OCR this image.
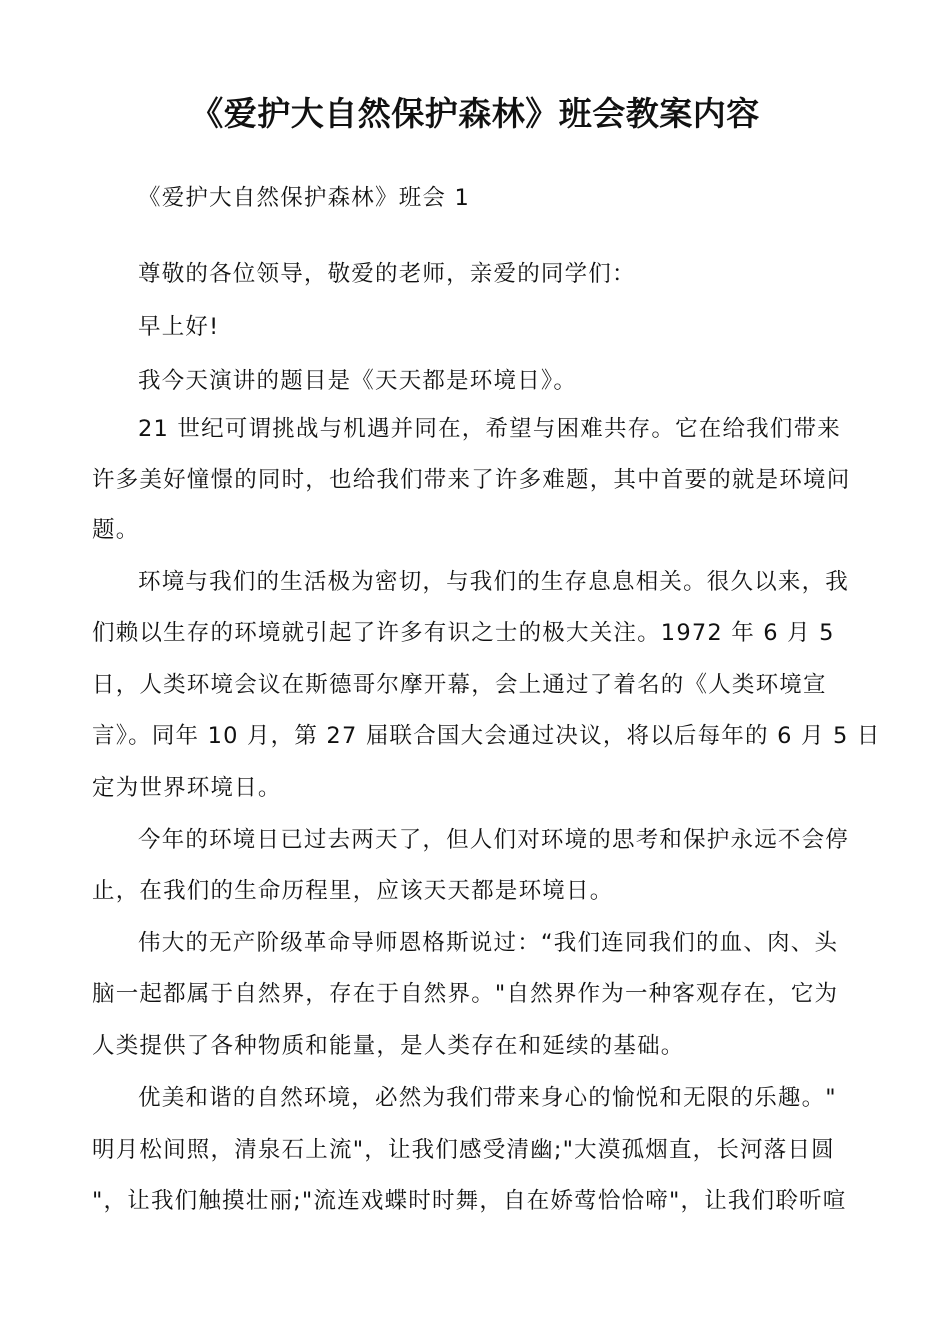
《爱护大自然保护森林》班会教案内容
《爱护大自然保护森林》班会 1
尊敬的各位领导，敬爱的老师，亲爱的同学们：
早上好!
我今天演讲的题目是《天天都是环境日》。
21 世纪可谓挑战与机遇并同在，希望与困难共存。它在给我们带来
许多美好憧憬的同时，也给我们带来了许多难题，其中首要的就是环境问
题。
环境与我们的生活极为密切，与我们的生存息息相关。很久以来，我
们赖以生存的环境就引起了许多有识之士的极大关注。1972 年 6 月 5
日，人类环境会议在斯德哥尔摩开幕，会上通过了着名的《人类环境宣
言》。同年 10 月，第 27 届联合国大会通过决议，将以后每年的 6 月 5 日
定为世界环境日。
今年的环境日已过去两天了，但人们对环境的思考和保护永远不会停
止，在我们的生命历程里，应该天天都是环境日。
伟大的无产阶级革命导师恩格斯说过：“我们连同我们的血、肉、头
脑一起都属于自然界，存在于自然界。"自然界作为一种客观存在，它为
人类提供了各种物质和能量，是人类存在和延续的基础。
优美和谐的自然环境，必然为我们带来身心的愉悦和无限的乐趣。"
明月松间照，清泉石上流"，让我们感受清幽;"大漠孤烟直，长河落日圆
"，让我们触摸壮丽;"流连戏蝶时时舞，自在娇莺恰恰啼"，让我们聆听喧
